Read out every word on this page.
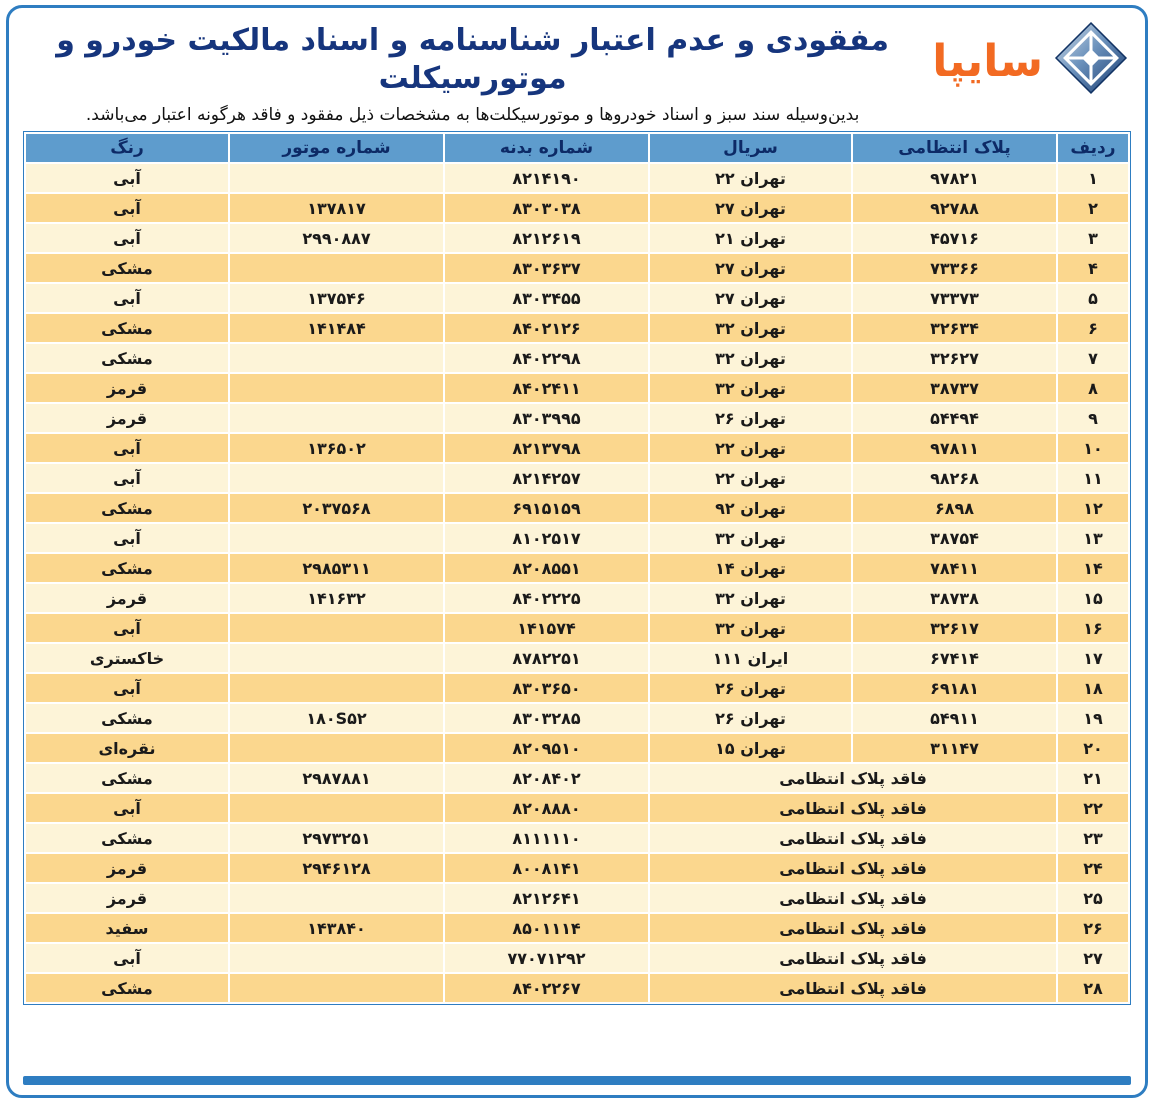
سایپا
مفقودی و عدم اعتبار شناسنامه و اسناد مالکیت خودرو و موتورسیکلت
بدین‌وسیله سند سبز و اسناد خودروها و موتورسیکلت‌ها به مشخصات ذیل مفقود و فاقد هرگونه اعتبار می‌باشد.
ردیف	پلاک انتظامی	سریال	شماره بدنه	شماره موتور	رنگ
۱	۹۷۸۲۱	تهران ۲۲	۸۲۱۴۱۹۰		آبی
۲	۹۲۷۸۸	تهران ۲۷	۸۳۰۳۰۳۸	۱۳۷۸۱۷	آبی
۳	۴۵۷۱۶	تهران ۲۱	۸۲۱۲۶۱۹	۲۹۹۰۸۸۷	آبی
۴	۷۳۳۶۶	تهران ۲۷	۸۳۰۳۶۳۷		مشکی
۵	۷۳۳۷۳	تهران ۲۷	۸۳۰۳۴۵۵	۱۳۷۵۴۶	آبی
۶	۳۲۶۳۴	تهران ۳۲	۸۴۰۲۱۲۶	۱۴۱۴۸۴	مشکی
۷	۳۲۶۲۷	تهران ۳۲	۸۴۰۲۲۹۸		مشکی
۸	۳۸۷۳۷	تهران ۳۲	۸۴۰۲۴۱۱		قرمز
۹	۵۴۴۹۴	تهران ۲۶	۸۳۰۳۹۹۵		قرمز
۱۰	۹۷۸۱۱	تهران ۲۲	۸۲۱۳۷۹۸	۱۳۶۵۰۲	آبی
۱۱	۹۸۲۶۸	تهران ۲۲	۸۲۱۴۲۵۷		آبی
۱۲	۶۸۹۸	تهران ۹۲	۶۹۱۵۱۵۹	۲۰۳۷۵۶۸	مشکی
۱۳	۳۸۷۵۴	تهران ۳۲	۸۱۰۲۵۱۷		آبی
۱۴	۷۸۴۱۱	تهران ۱۴	۸۲۰۸۵۵۱	۲۹۸۵۳۱۱	مشکی
۱۵	۳۸۷۳۸	تهران ۳۲	۸۴۰۲۲۲۵	۱۴۱۶۳۲	قرمز
۱۶	۳۲۶۱۷	تهران ۳۲	۱۴۱۵۷۴		آبی
۱۷	۶۷۴۱۴	ایران ۱۱۱	۸۷۸۲۲۵۱		خاکستری
۱۸	۶۹۱۸۱	تهران ۲۶	۸۳۰۳۶۵۰		آبی
۱۹	۵۴۹۱۱	تهران ۲۶	۸۳۰۳۲۸۵	۱۸۰S۵۲	مشکی
۲۰	۳۱۱۴۷	تهران ۱۵	۸۲۰۹۵۱۰		نقره‌ای
۲۱	فاقد پلاک انتظامی		۸۲۰۸۴۰۲	۲۹۸۷۸۸۱	مشکی
۲۲	فاقد پلاک انتظامی		۸۲۰۸۸۸۰		آبی
۲۳	فاقد پلاک انتظامی		۸۱۱۱۱۱۰	۲۹۷۳۲۵۱	مشکی
۲۴	فاقد پلاک انتظامی		۸۰۰۸۱۴۱	۲۹۴۶۱۲۸	قرمز
۲۵	فاقد پلاک انتظامی		۸۲۱۲۶۴۱		قرمز
۲۶	فاقد پلاک انتظامی		۸۵۰۱۱۱۴	۱۴۳۸۴۰	سفید
۲۷	فاقد پلاک انتظامی		۷۷۰۷۱۲۹۲		آبی
۲۸	فاقد پلاک انتظامی		۸۴۰۲۲۶۷		مشکی
